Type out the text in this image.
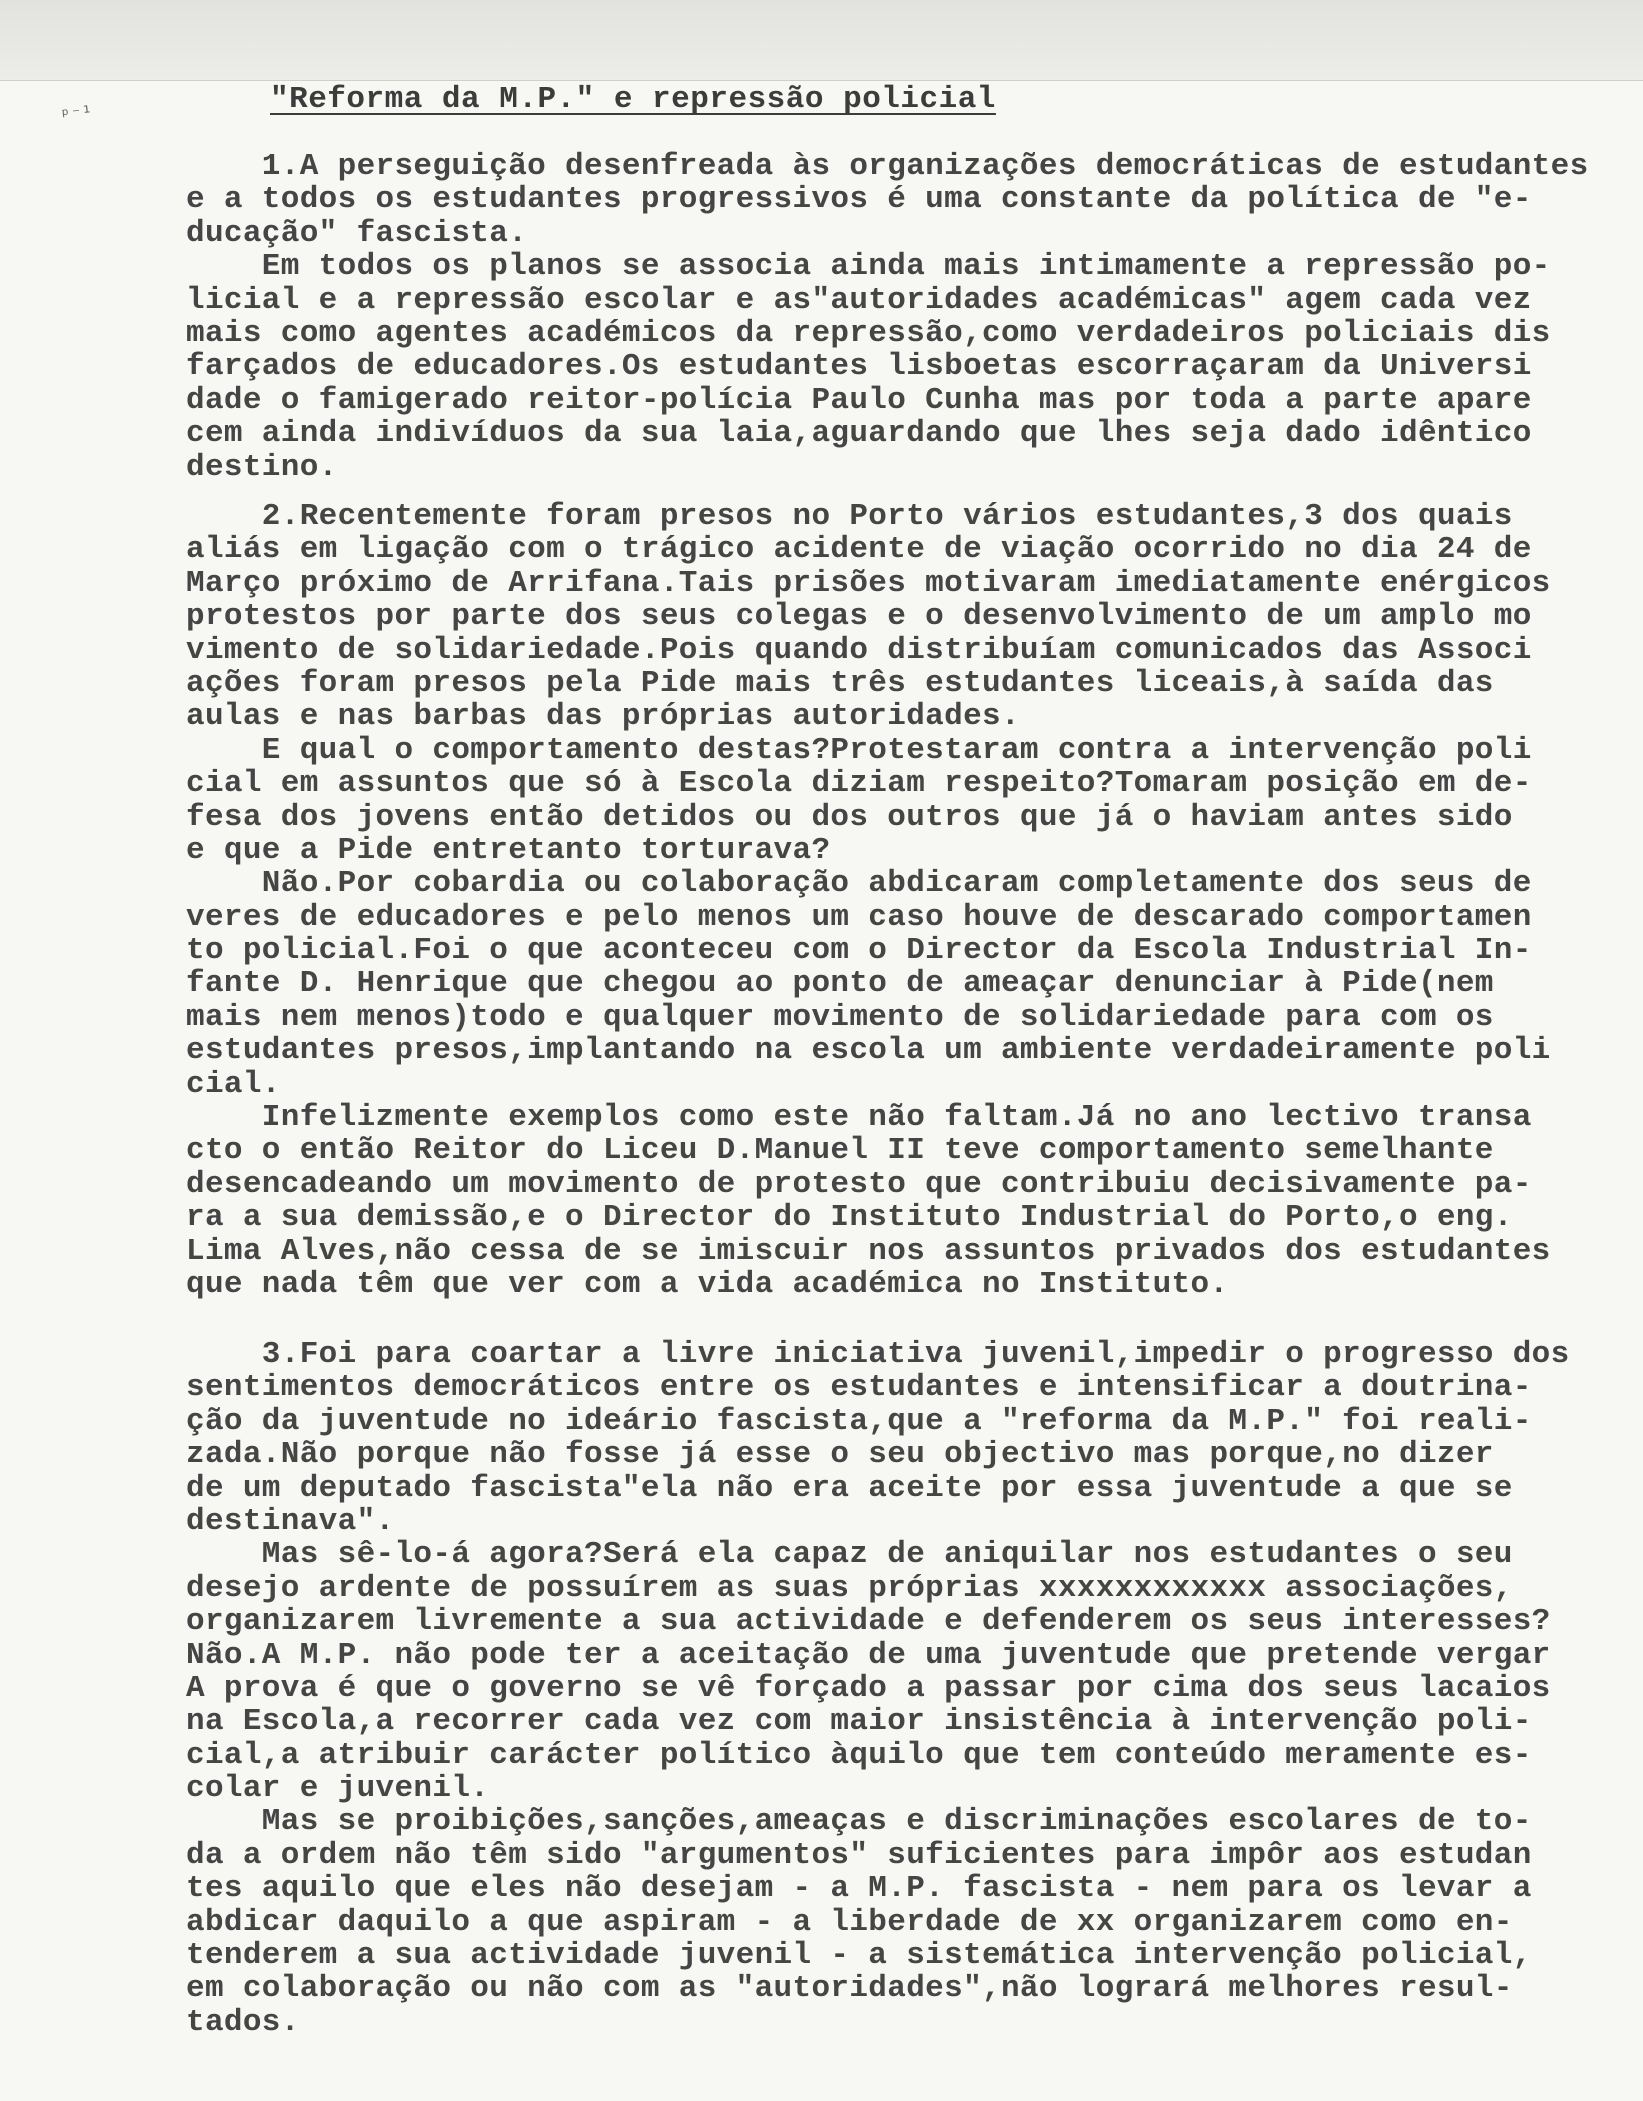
ᵖ⁻¹	"Reforma da M.P." e repressão policial
1.A perseguição desenfreada às organizações democráticas de estudantes
e a todos os estudantes progressivos é uma constante da política de "e-
ducação" fascista.
Em todos os planos se associa ainda mais intimamente a repressão po-
licial e a repressão escolar e as"autoridades académicas" agem cada vez
mais como agentes académicos da repressão,como verdadeiros policiais dis
farçados de educadores.Os estudantes lisboetas escorraçaram da Universi
dade o famigerado reitor-polícia Paulo Cunha mas por toda a parte apare
cem ainda indivíduos da sua laia,aguardando que lhes seja dado idêntico
destino.
2.Recentemente foram presos no Porto vários estudantes,3 dos quais
aliás em ligação com o trágico acidente de viação ocorrido no dia 24 de
Março próximo de Arrifana.Tais prisões motivaram imediatamente enérgicos
protestos por parte dos seus colegas e o desenvolvimento de um amplo mo
vimento de solidariedade.Pois quando distribuíam comunicados das Associ
ações foram presos pela Pide mais três estudantes liceais,à saída das
aulas e nas barbas das próprias autoridades.
E qual o comportamento destas?Protestaram contra a intervenção poli
cial em assuntos que só à Escola diziam respeito?Tomaram posição em de-
fesa dos jovens então detidos ou dos outros que já o haviam antes sido
e que a Pide entretanto torturava?
Não.Por cobardia ou colaboração abdicaram completamente dos seus de
veres de educadores e pelo menos um caso houve de descarado comportamen
to policial.Foi o que aconteceu com o Director da Escola Industrial In-
fante D. Henrique que chegou ao ponto de ameaçar denunciar à Pide(nem
mais nem menos)todo e qualquer movimento de solidariedade para com os
estudantes presos,implantando na escola um ambiente verdadeiramente poli
cial.
Infelizmente exemplos como este não faltam.Já no ano lectivo transa
cto o então Reitor do Liceu D.Manuel II teve comportamento semelhante
desencadeando um movimento de protesto que contribuiu decisivamente pa-
ra a sua demissão,e o Director do Instituto Industrial do Porto,o eng.
Lima Alves,não cessa de se imiscuir nos assuntos privados dos estudantes
que nada têm que ver com a vida académica no Instituto.
3.Foi para coartar a livre iniciativa juvenil,impedir o progresso dos
sentimentos democráticos entre os estudantes e intensificar a doutrina-
ção da juventude no ideário fascista,que a "reforma da M.P." foi reali-
zada.Não porque não fosse já esse o seu objectivo mas porque,no dizer
de um deputado fascista"ela não era aceite por essa juventude a que se
destinava".
Mas sê-lo-á agora?Será ela capaz de aniquilar nos estudantes o seu
desejo ardente de possuírem as suas próprias xxxxxxxxxxxx associações,
organizarem livremente a sua actividade e defenderem os seus interesses?
Não.A M.P. não pode ter a aceitação de uma juventude que pretende vergar
A prova é que o governo se vê forçado a passar por cima dos seus lacaios
na Escola,a recorrer cada vez com maior insistência à intervenção poli-
cial,a atribuir carácter político àquilo que tem conteúdo meramente es-
colar e juvenil.
Mas se proibições,sanções,ameaças e discriminações escolares de to-
da a ordem não têm sido "argumentos" suficientes para impôr aos estudan
tes aquilo que eles não desejam - a M.P. fascista - nem para os levar a
abdicar daquilo a que aspiram - a liberdade de xx organizarem como en-
tenderem a sua actividade juvenil - a sistemática intervenção policial,
em colaboração ou não com as "autoridades",não logrará melhores resul-
tados.
